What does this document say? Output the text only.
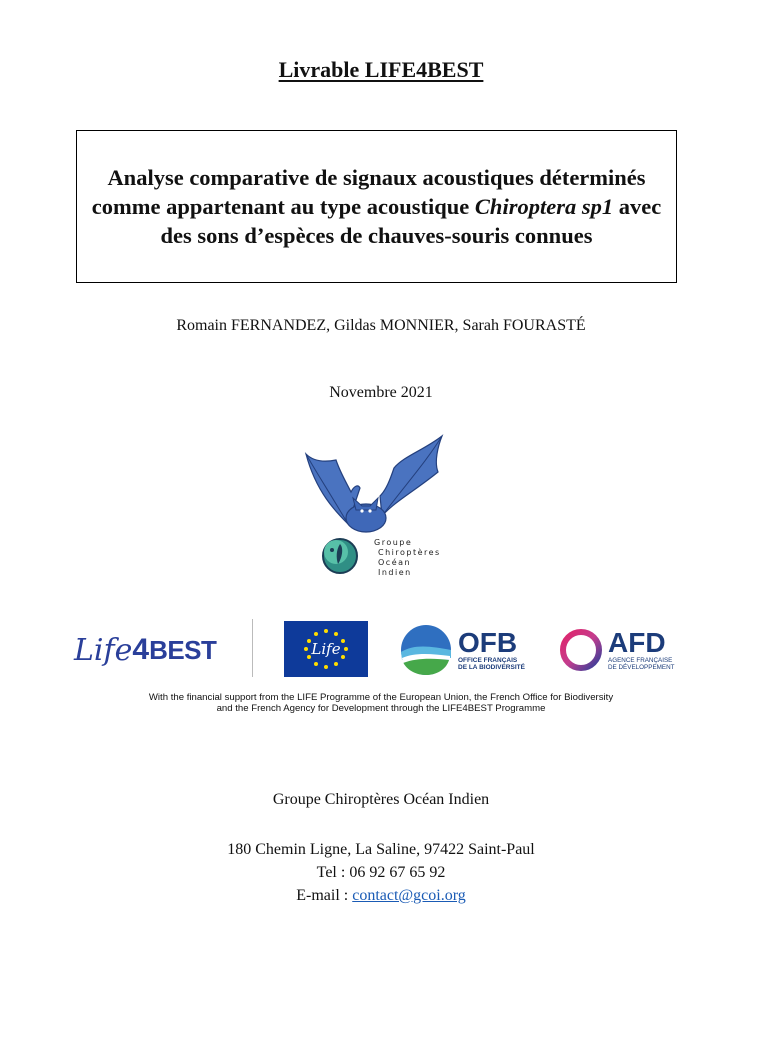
Livrable LIFE4BEST
Analyse comparative de signaux acoustiques déterminés comme appartenant au type acoustique Chiroptera sp1 avec des sons d’espèces de chauves-souris connues
Romain FERNANDEZ, Gildas MONNIER, Sarah FOURASTÉ
Novembre 2021
Groupe
Chiroptères
Océan
Indien
Life 4 BEST	Life	OFB
OFFICE FRANÇAIS
DE LA BIODIVERSITÉ
AFD
AGENCE FRANÇAISE
DE DÉVELOPPEMENT
With the financial support from the LIFE Programme of the European Union, the French Office for Biodiversity
and the French Agency for Development through the LIFE4BEST Programme
Groupe Chiroptères Océan Indien
180 Chemin Ligne, La Saline, 97422 Saint-Paul
Tel : 06 92 67 65 92
E-mail : contact@gcoi.org
